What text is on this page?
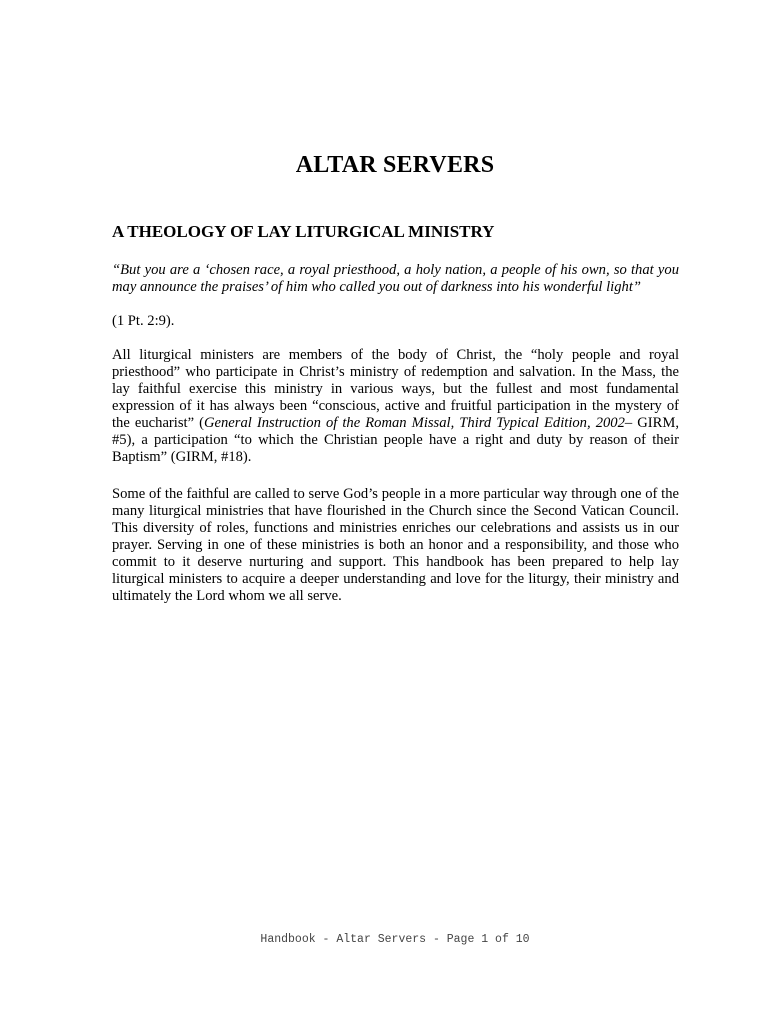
ALTAR SERVERS
A THEOLOGY OF LAY LITURGICAL MINISTRY

“But you are a ‘chosen race, a royal priesthood, a holy nation, a people of his own, so that you may announce the praises’ of him who called you out of darkness into his wonderful light”

(1 Pt. 2:9).

All liturgical ministers are members of the body of Christ, the “holy people and royal priesthood” who participate in Christ’s ministry of redemption and salvation. In the Mass, the lay faithful exercise this ministry in various ways, but the fullest and most fundamental expression of it has always been “conscious, active and fruitful participation in the mystery of the eucharist” (General Instruction of the Roman Missal, Third Typical Edition, 2002– GIRM, #5), a participation “to which the Christian people have a right and duty by reason of their Baptism” (GIRM, #18).

Some of the faithful are called to serve God’s people in a more particular way through one of the many liturgical ministries that have flourished in the Church since the Second Vatican Council. This diversity of roles, functions and ministries enriches our celebrations and assists us in our prayer. Serving in one of these ministries is both an honor and a responsibility, and those who commit to it deserve nurturing and support. This handbook has been prepared to help lay liturgical ministers to acquire a deeper understanding and love for the liturgy, their ministry and ultimately the Lord whom we all serve.

Handbook - Altar Servers - Page 1 of 10
